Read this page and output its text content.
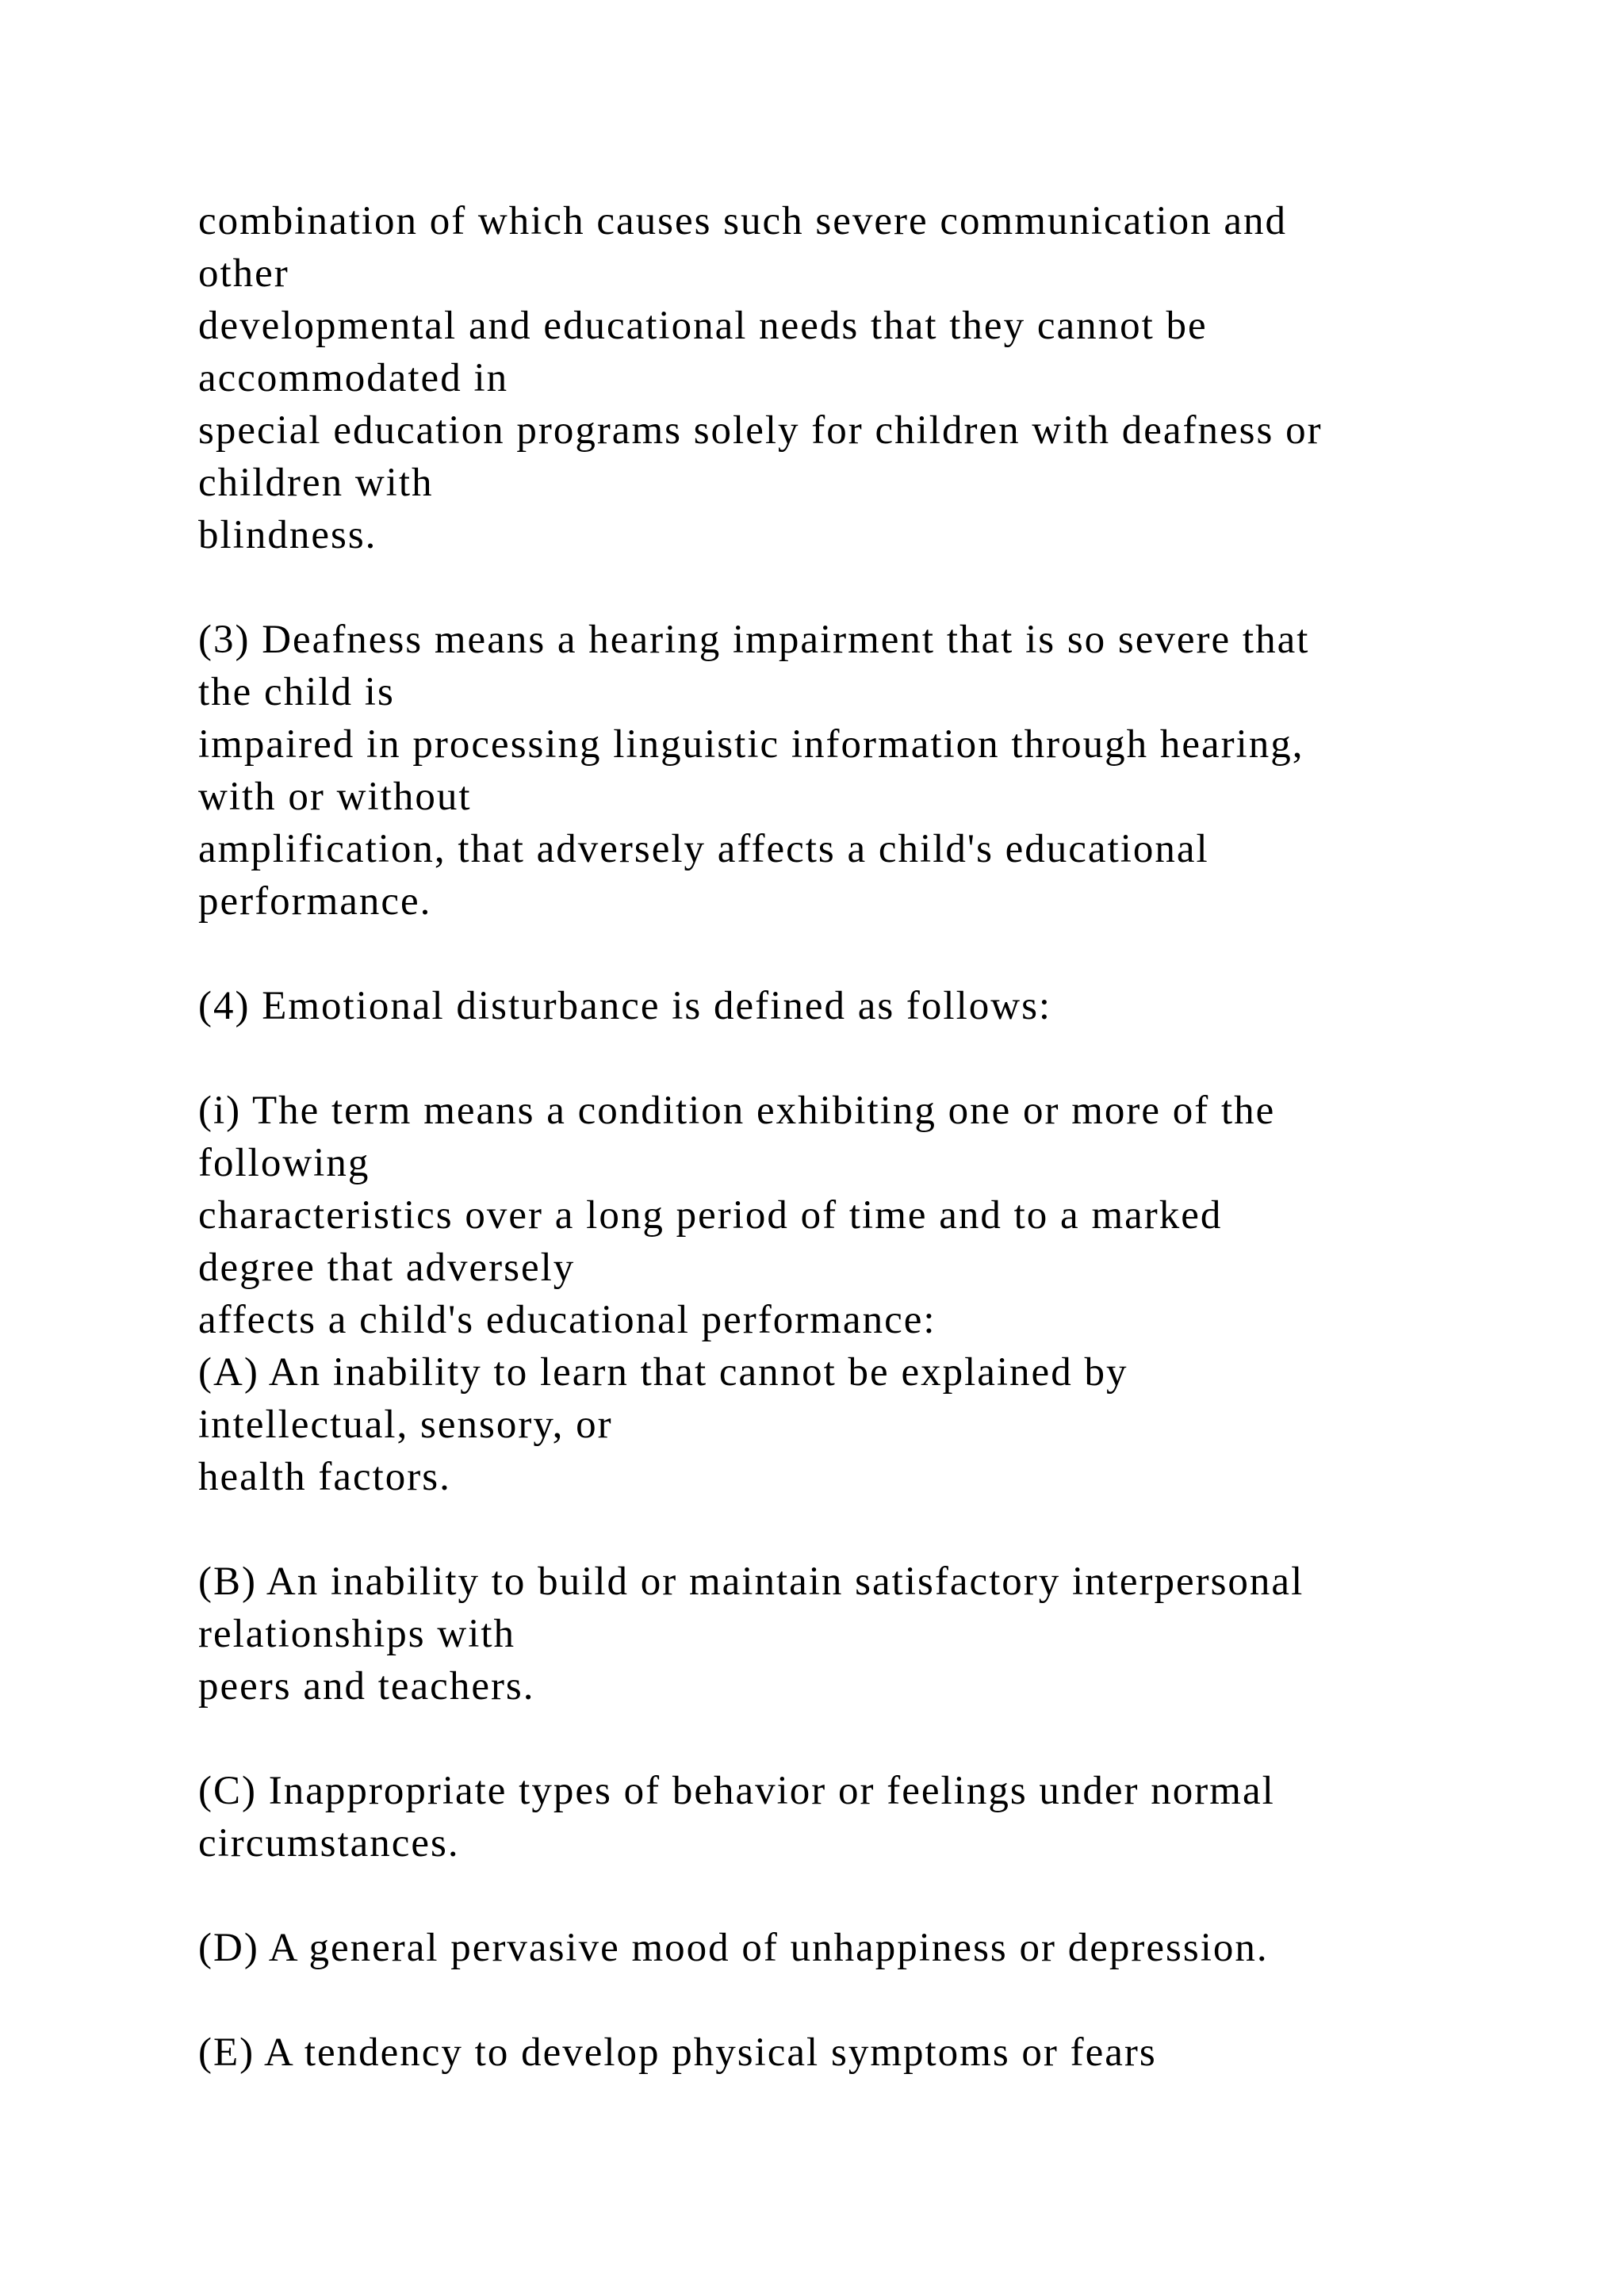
combination of which causes such severe communication and
other
developmental and educational needs that they cannot be
accommodated in
special education programs solely for children with deafness or
children with
blindness.
(3) Deafness means a hearing impairment that is so severe that
the child is
impaired in processing linguistic information through hearing,
with or without
amplification, that adversely affects a child's educational
performance.
(4) Emotional disturbance is defined as follows:
(i) The term means a condition exhibiting one or more of the
following
characteristics over a long period of time and to a marked
degree that adversely
affects a child's educational performance:
(A) An inability to learn that cannot be explained by
intellectual, sensory, or
health factors.
(B) An inability to build or maintain satisfactory interpersonal
relationships with
peers and teachers.
(C) Inappropriate types of behavior or feelings under normal
circumstances.
(D) A general pervasive mood of unhappiness or depression.
(E) A tendency to develop physical symptoms or fears
